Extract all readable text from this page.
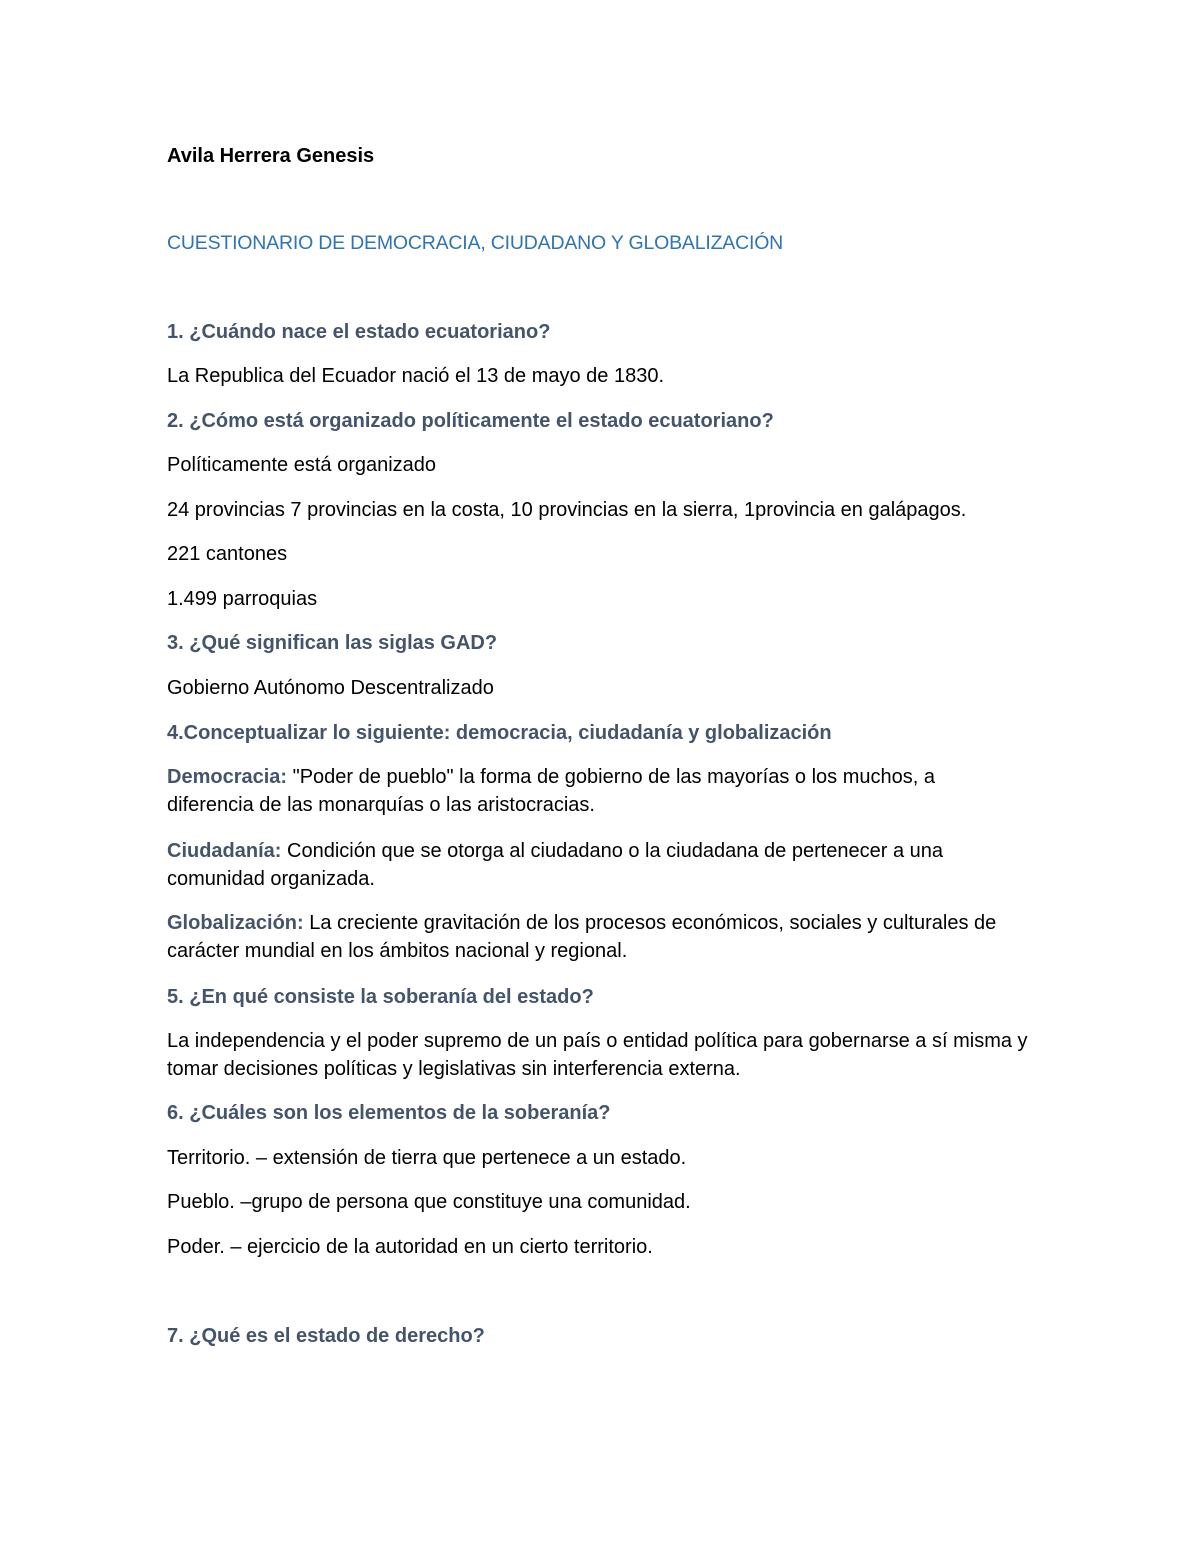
Avila Herrera Genesis
CUESTIONARIO DE DEMOCRACIA, CIUDADANO Y GLOBALIZACIÓN
1. ¿Cuándo nace el estado ecuatoriano?
La Republica del Ecuador nació el 13 de mayo de 1830.
2. ¿Cómo está organizado políticamente el estado ecuatoriano?
Políticamente está organizado
24 provincias 7 provincias en la costa, 10 provincias en la sierra, 1provincia en galápagos.
221 cantones
1.499 parroquias
3. ¿Qué significan las siglas GAD?
Gobierno Autónomo Descentralizado
4.Conceptualizar lo siguiente: democracia, ciudadanía y globalización
Democracia: "Poder de pueblo" la forma de gobierno de las mayorías o los muchos, a diferencia de las monarquías o las aristocracias.
Ciudadanía: Condición que se otorga al ciudadano o la ciudadana de pertenecer a una comunidad organizada.
Globalización: La creciente gravitación de los procesos económicos, sociales y culturales de carácter mundial en los ámbitos nacional y regional.
5. ¿En qué consiste la soberanía del estado?
La independencia y el poder supremo de un país o entidad política para gobernarse a sí misma y tomar decisiones políticas y legislativas sin interferencia externa.
6. ¿Cuáles son los elementos de la soberanía?
Territorio. – extensión de tierra que pertenece a un estado.
Pueblo. –grupo de persona que constituye una comunidad.
Poder. – ejercicio de la autoridad en un cierto territorio.
7. ¿Qué es el estado de derecho?
